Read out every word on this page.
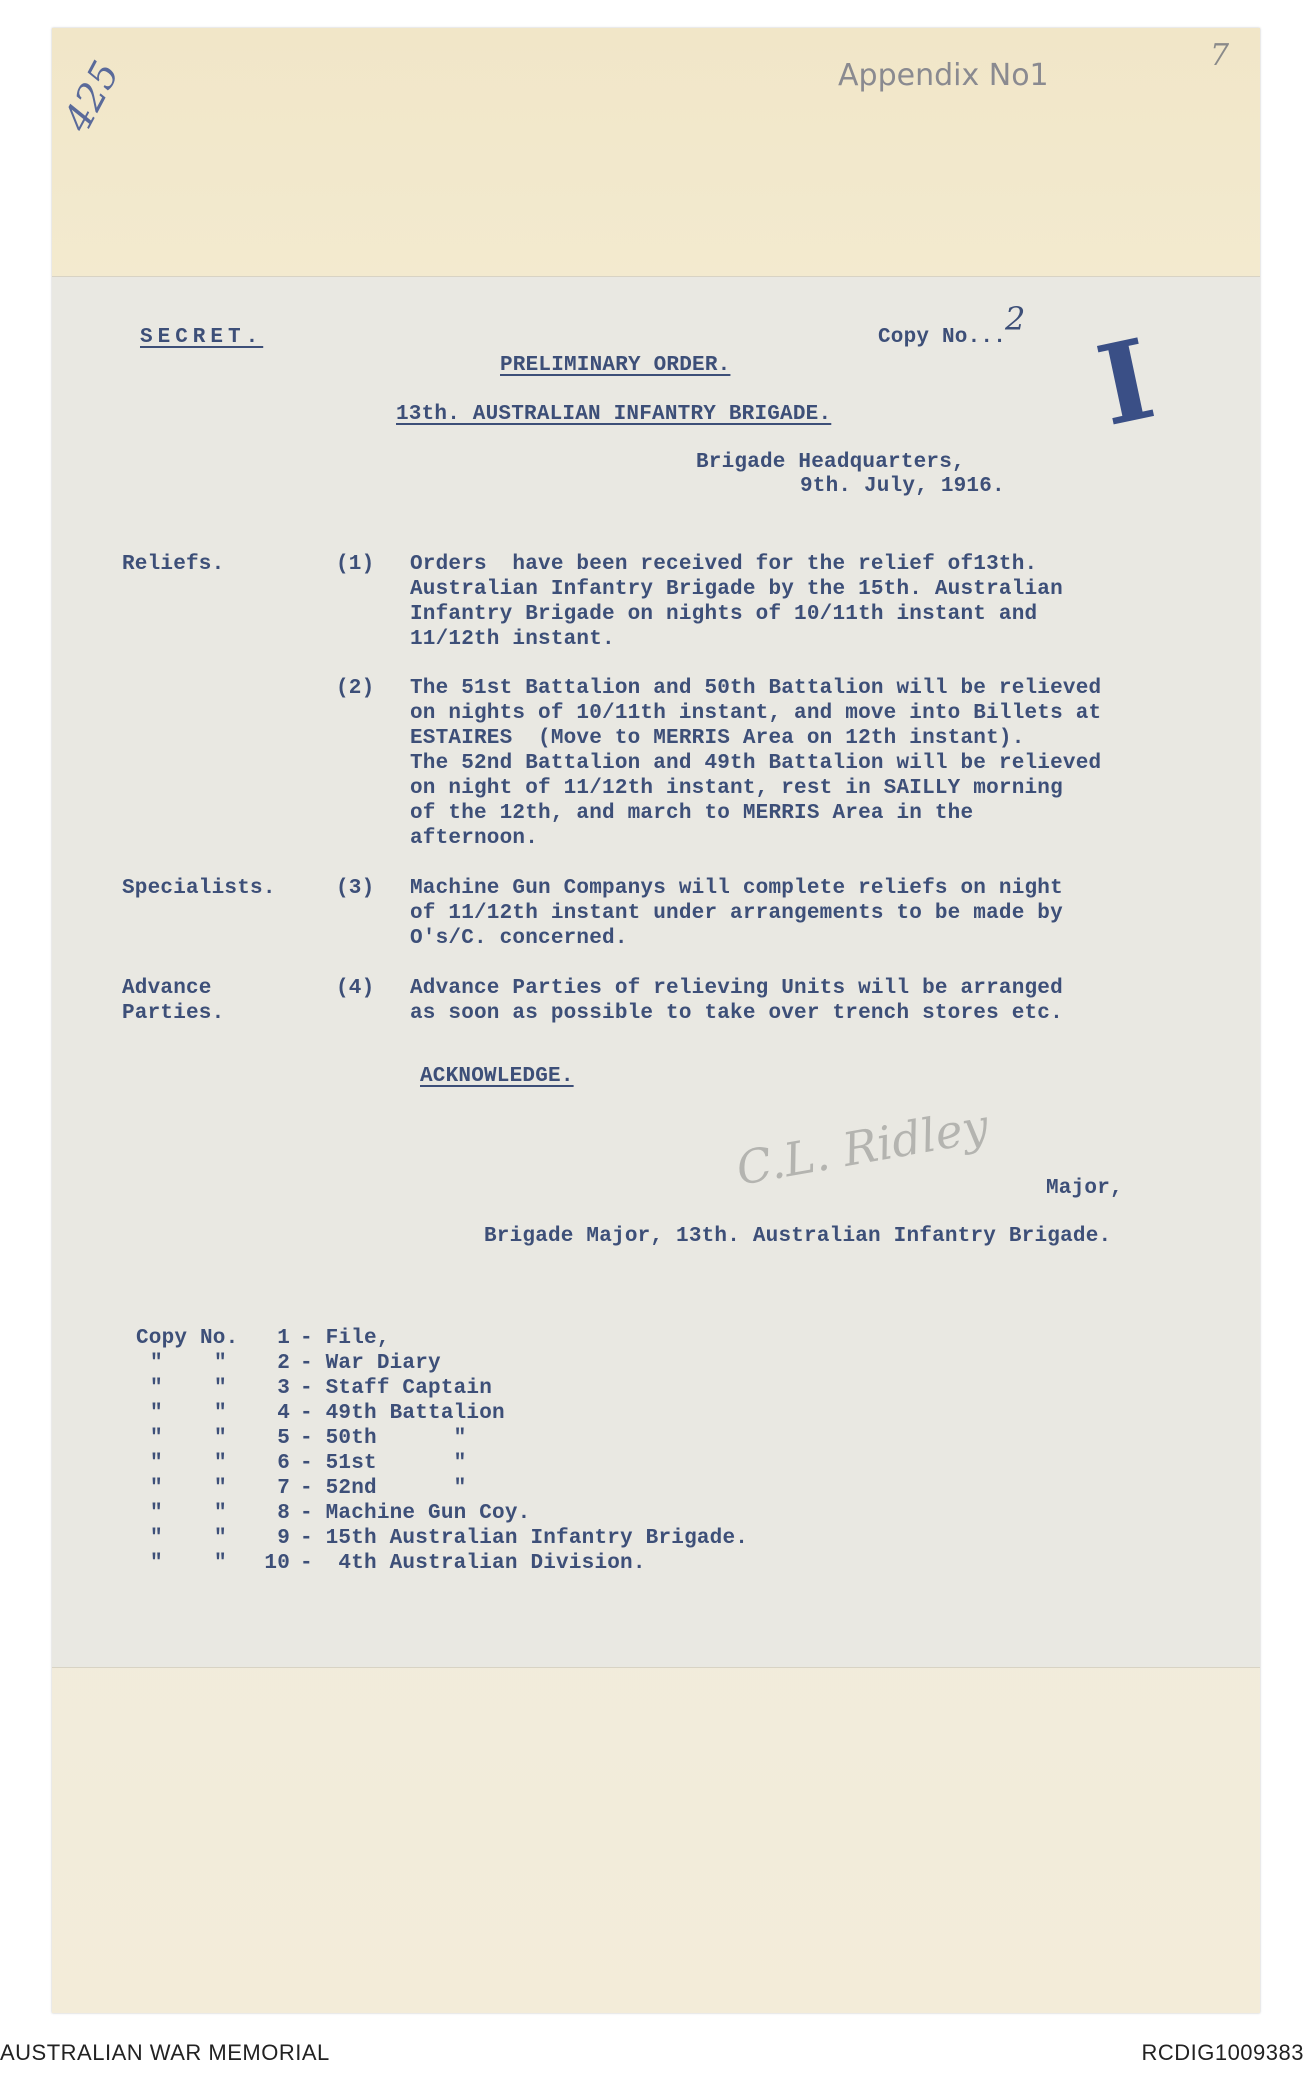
425	Appendix No1
7
SECRET.	Copy No...
2 I
PRELIMINARY ORDER.
13th. AUSTRALIAN INFANTRY BRIGADE.
Brigade Headquarters,
9th. July, 1916.
Reliefs.	(1) Orders  have been received for the relief of13th.
Australian Infantry Brigade by the 15th. Australian
Infantry Brigade on nights of 10/11th instant and
11/12th instant.
(2) The 51st Battalion and 50th Battalion will be relieved
on nights of 10/11th instant, and move into Billets at
ESTAIRES  (Move to MERRIS Area on 12th instant).
The 52nd Battalion and 49th Battalion will be relieved
on night of 11/12th instant, rest in SAILLY morning
of the 12th, and march to MERRIS Area in the
afternoon.
Specialists.	(3) Machine Gun Companys will complete reliefs on night
of 11/12th instant under arrangements to be made by
O's/C. concerned.
Advance
Parties.
(4) Advance Parties of relieving Units will be arranged
as soon as possible to take over trench stores etc.
ACKNOWLEDGE.
C.L. Ridley	Major,
Brigade Major, 13th. Australian Infantry Brigade.
Copy No.	1	- File,
"    "	2	- War Diary
"    "	3	- Staff Captain
"    "	4	- 49th Battalion
"    "	5	- 50th      "
"    "	6	- 51st      "
"    "	7	- 52nd      "
"    "	8	- Machine Gun Coy.
"    "	9	- 15th Australian Infantry Brigade.
"    "	10	-  4th Australian Division.
AUSTRALIAN WAR MEMORIAL	RCDIG1009383
